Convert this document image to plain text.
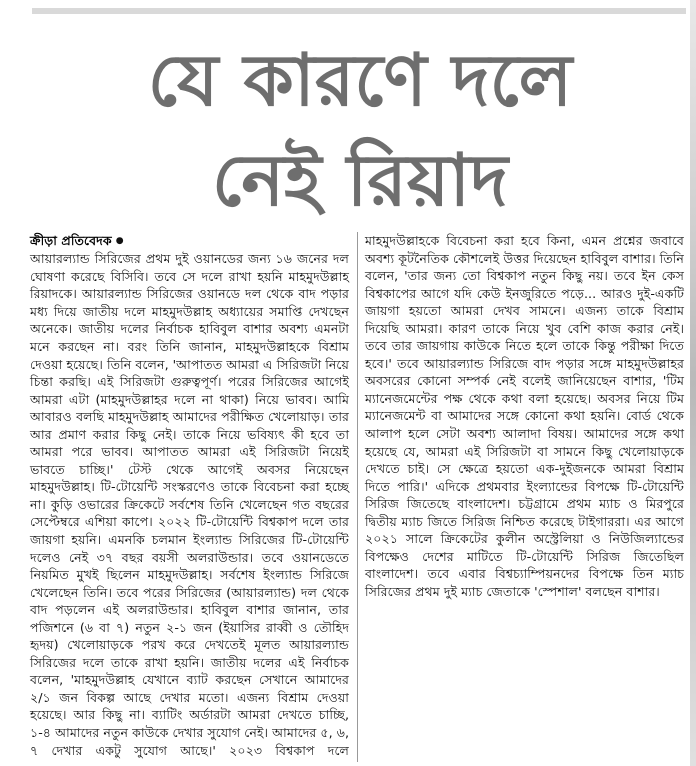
যে কারণে দলে
নেই রিয়াদ

ক্রীড়া প্রতিবেদক ●
আয়ারল্যান্ড সিরিজের প্রথম দুই ওয়ানডের জন্য ১৬ জনের দল ঘোষণা করেছে বিসিবি। তবে সে দলে রাখা হয়নি মাহমুদউল্লাহ রিয়াদকে। আয়ারল্যান্ড সিরিজের ওয়ানডে দল থেকে বাদ পড়ার মধ্য দিয়ে জাতীয় দলে মাহমুদউল্লাহ অধ্যায়ের সমাপ্তি দেখছেন অনেকে। জাতীয় দলের নির্বাচক হাবিবুল বাশার অবশ্য এমনটা মনে করছেন না। বরং তিনি জানান, মাহমুদউল্লাহকে বিশ্রাম দেওয়া হয়েছে। তিনি বলেন, 'আপাতত আমরা এ সিরিজটা নিয়ে চিন্তা করছি। এই সিরিজটা গুরুত্বপূর্ণ। পরের সিরিজের আগেই আমরা এটা (মাহমুদউল্লাহর দলে না থাকা) নিয়ে ভাবব। আমি আবারও বলছি মাহমুদউল্লাহ আমাদের পরীক্ষিত খেলোয়াড়। তার আর প্রমাণ করার কিছু নেই। তাকে নিয়ে ভবিষ্যৎ কী হবে তা আমরা পরে ভাবব। আপাতত আমরা এই সিরিজটা নিয়েই ভাবতে চাচ্ছি।' টেস্ট থেকে আগেই অবসর নিয়েছেন মাহমুদউল্লাহ। টি-টোয়েন্টি সংস্করণেও তাকে বিবেচনা করা হচ্ছে না। কুড়ি ওভারের ক্রিকেটে সর্বশেষ তিনি খেলেছেন গত বছরের সেপ্টেম্বরে এশিয়া কাপে। ২০২২ টি-টোয়েন্টি বিশ্বকাপ দলে তার জায়গা হয়নি। এমনকি চলমান ইংল্যান্ড সিরিজের টি-টোয়েন্টি দলেও নেই ৩৭ বছর বয়সী অলরাউন্ডার। তবে ওয়ানডেতে নিয়মিত মুখই ছিলেন মাহমুদউল্লাহ। সর্বশেষ ইংল্যান্ড সিরিজে খেলেছেন তিনি। তবে পরের সিরিজের (আয়ারল্যান্ড) দল থেকে বাদ পড়লেন এই অলরাউন্ডার। হাবিবুল বাশার জানান, তার পজিশনে (৬ বা ৭) নতুন ২-১ জন (ইয়াসির রাব্বী ও তৌহিদ হৃদয়) খেলোয়াড়কে পরখ করে দেখতেই মূলত আয়ারল্যান্ড সিরিজের দলে তাকে রাখা হয়নি। জাতীয় দলের এই নির্বাচক বলেন, 'মাহমুদউল্লাহ যেখানে ব্যাট করছেন সেখানে আমাদের ২/১ জন বিকল্প আছে দেখার মতো। এজন্য বিশ্রাম দেওয়া হয়েছে। আর কিছু না। ব্যাটিং অর্ডারটা আমরা দেখতে চাচ্ছি, ১-৪ আমাদের নতুন কাউকে দেখার সুযোগ নেই। আমাদের ৫, ৬, ৭ দেখার একটু সুযোগ আছে।' ২০২৩ বিশ্বকাপ দলে মাহমুদউল্লাহকে বিবেচনা করা হবে কিনা, এমন প্রশ্নের জবাবে অবশ্য কূটনৈতিক কৌশলেই উত্তর দিয়েছেন হাবিবুল বাশার। তিনি বলেন, 'তার জন্য তো বিশ্বকাপ নতুন কিছু নয়। তবে ইন কেস বিশ্বকাপের আগে যদি কেউ ইনজুরিতে পড়ে... আরও দুই-একটি জায়গা হয়তো আমরা দেখব সামনে। এজন্য তাকে বিশ্রাম দিয়েছি আমরা। কারণ তাকে নিয়ে খুব বেশি কাজ করার নেই। তবে তার জায়গায় কাউকে নিতে হলে তাকে কিন্তু পরীক্ষা দিতে হবে।' তবে আয়ারল্যান্ড সিরিজে বাদ পড়ার সঙ্গে মাহমুদউল্লাহর অবসরের কোনো সম্পর্ক নেই বলেই জানিয়েছেন বাশার, 'টিম ম্যানেজমেন্টের পক্ষ থেকে কথা বলা হয়েছে। অবসর নিয়ে টিম ম্যানেজমেন্ট বা আমাদের সঙ্গে কোনো কথা হয়নি। বোর্ড থেকে আলাপ হলে সেটা অবশ্য আলাদা বিষয়। আমাদের সঙ্গে কথা হয়েছে যে, আমরা এই সিরিজটা বা সামনে কিছু খেলোয়াড়কে দেখতে চাই। সে ক্ষেত্রে হয়তো এক-দুইজনকে আমরা বিশ্রাম দিতে পারি।' এদিকে প্রথমবার ইংল্যান্ডের বিপক্ষে টি-টোয়েন্টি সিরিজ জিতেছে বাংলাদেশ। চট্টগ্রামে প্রথম ম্যাচ ও মিরপুরে দ্বিতীয় ম্যাচ জিতে সিরিজ নিশ্চিত করেছে টাইগাররা। এর আগে ২০২১ সালে ক্রিকেটের কুলীন অস্ট্রেলিয়া ও নিউজিল্যান্ডের বিপক্ষেও দেশের মাটিতে টি-টোয়েন্টি সিরিজ জিতেছিল বাংলাদেশ। তবে এবার বিশ্বচ্যাম্পিয়নদের বিপক্ষে তিন ম্যাচ সিরিজের প্রথম দুই ম্যাচ জেতাকে 'স্পেশাল' বলছেন বাশার।
